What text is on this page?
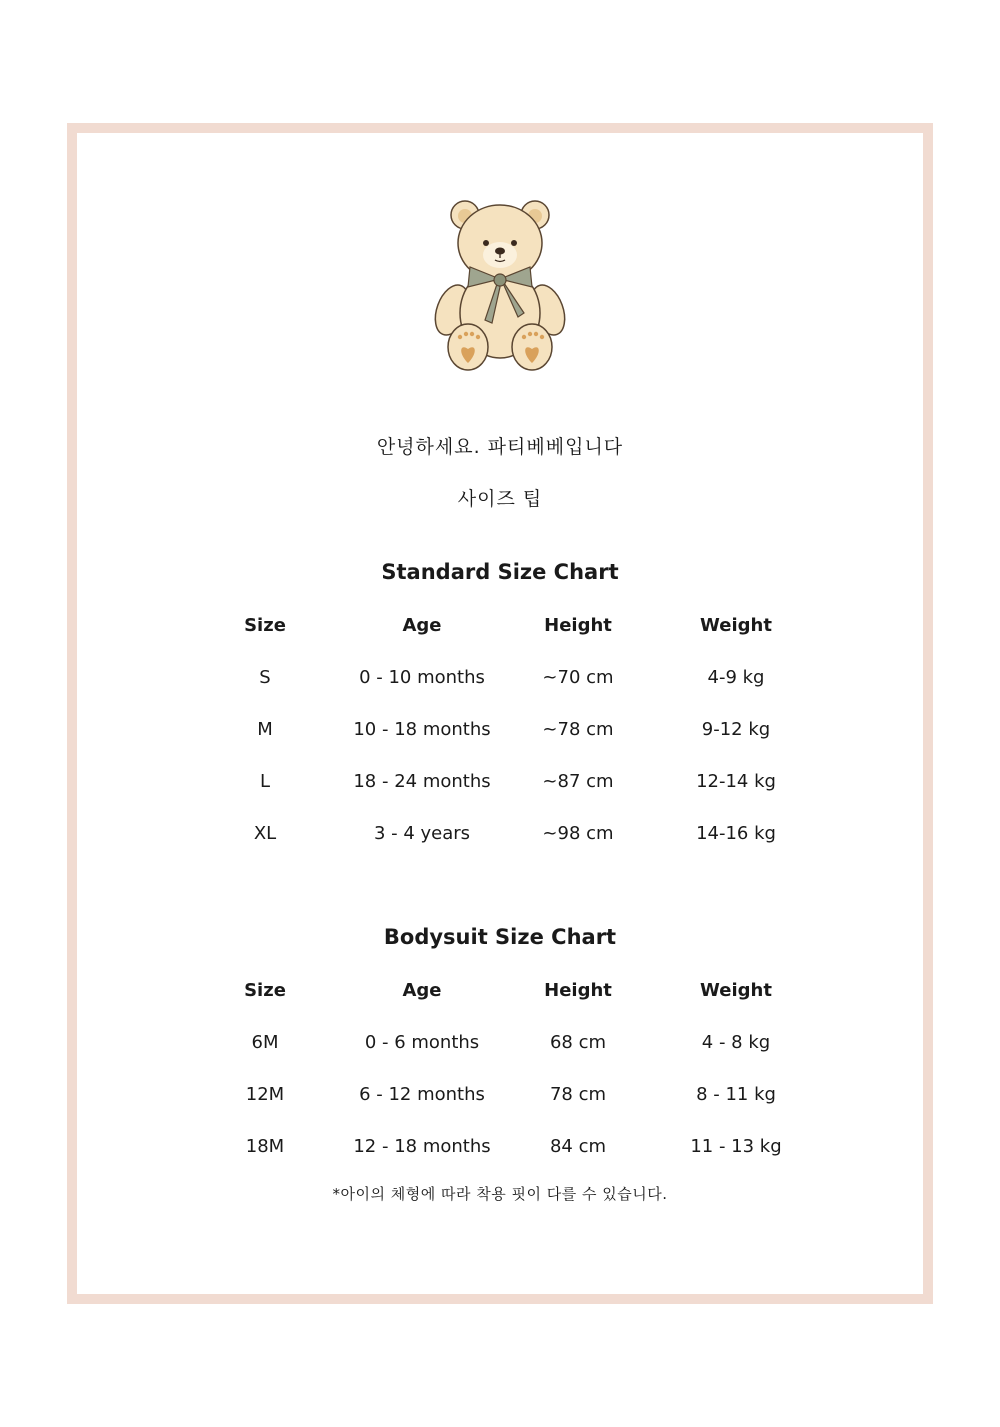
안녕하세요. 파티베베입니다
사이즈 팁
Standard Size Chart
Size	Age	Height	Weight
S	0 - 10 months	~70 cm	4-9 kg
M	10 - 18 months	~78 cm	9-12 kg
L	18 - 24 months	~87 cm	12-14 kg
XL	3 - 4 years	~98 cm	14-16 kg
Bodysuit Size Chart
Size	Age	Height	Weight
6M	0 - 6 months	68 cm	4 - 8 kg
12M	6 - 12 months	78 cm	8 - 11 kg
18M	12 - 18 months	84 cm	11 - 13 kg
*아이의 체형에 따라 착용 핏이 다를 수 있습니다.
